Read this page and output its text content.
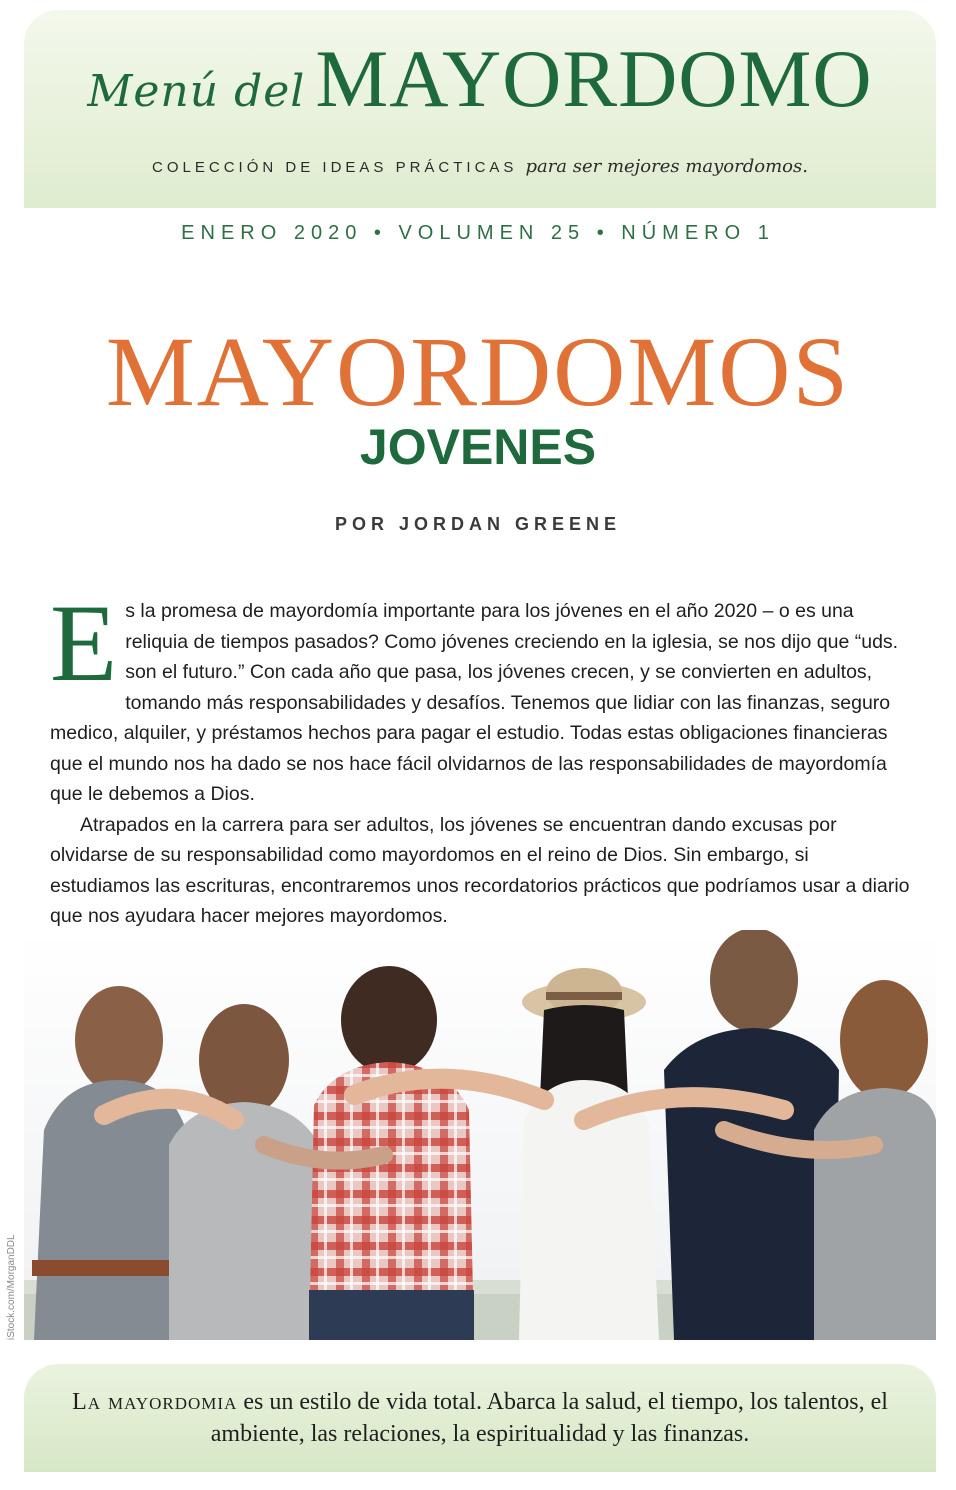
Menú del MAYORDOMO
COLECCIÓN DE IDEAS PRÁCTICAS para ser mejores mayordomos.
ENERO 2020 • VOLUMEN 25 • NÚMERO 1
MAYORDOMOS
JOVENES
POR JORDAN GREENE
E s la promesa de mayordomía importante para los jóvenes en el año 2020 – o es una reliquia de tiempos pasados? Como jóvenes creciendo en la iglesia, se nos dijo que “uds. son el futuro.” Con cada año que pasa, los jóvenes crecen, y se convierten en adultos, tomando más responsabilidades y desafíos. Tenemos que lidiar con las finanzas, seguro medico, alquiler, y préstamos hechos para pagar el estudio. Todas estas obligaciones financieras que el mundo nos ha dado se nos hace fácil olvidarnos de las responsabilidades de mayordomía que le debemos a Dios.

Atrapados en la carrera para ser adultos, los jóvenes se encuentran dando excusas por olvidarse de su responsabilidad como mayordomos en el reino de Dios. Sin embargo, si estudiamos las escrituras, encontraremos unos recordatorios prácticos que podríamos usar a diario que nos ayudara hacer mejores mayordomos.

iStock.com/MorganDDL
La mayordomia es un estilo de vida total. Abarca la salud, el tiempo, los talentos, el ambiente, las relaciones, la espiritualidad y las finanzas.
